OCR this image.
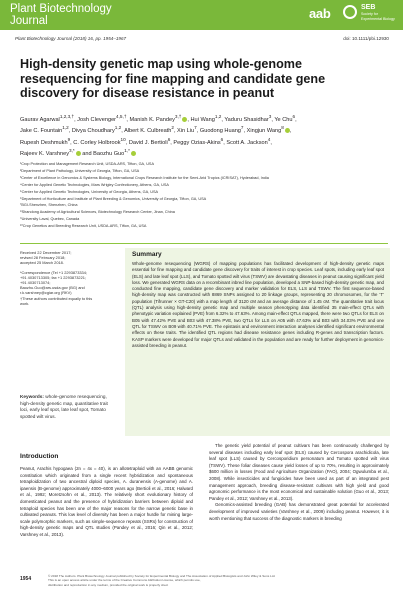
Plant Biotechnology
Journal	aab	SEB
Society for
Experimental Biology
Plant Biotechnology Journal (2018) 16, pp. 1954–1967	doi: 10.1111/pbi.12930
High-density genetic map using whole-genome resequencing for fine mapping and candidate gene discovery for disease resistance in peanut
Gaurav Agarwal$^{1,2,3,\dagger}$, Josh Clevenger$^{4,5,\dagger}$, Manish K. Pandey$^{3,\dagger}$, Hui Wang$^{1,2}$, Yaduru Shasidhar$^3$, Ye Chu$^6$,
Jake C. Fountain$^{1,2}$, Divya Choudhary$^{1,2}$, Albert K. Culbreath$^2$, Xin Liu$^7$, Guodong Huang$^7$, Xingjun Wang$^8$,
Rupesh Deshmukh$^9$, C. Corley Holbrook$^{10}$, David J. Bertioli$^6$, Peggy Ozias-Akins$^6$, Scott A. Jackson$^4$,
Rajeev K. Varshney$^{3,*}$ and Baozhu Guo$^{1,*}$
¹Crop Protection and Management Research Unit, USDA-ARS, Tifton, GA, USA
²Department of Plant Pathology, University of Georgia, Tifton, GA, USA
³Center of Excellence in Genomics & Systems Biology, International Crops Research Institute for the Semi-Arid Tropics (ICRISAT), Hyderabad, India
⁴Center for Applied Genetic Technologies, Mars Wrigley Confectionery, Athens, GA, USA
⁵Center for Applied Genetic Technologies, University of Georgia, Athens, GA, USA
⁶Department of Horticulture and Institute of Plant Breeding & Genomics, University of Georgia, Tifton, GA, USA
⁷BGI-Shenzhen, Shenzhen, China
⁸Shandong Academy of Agricultural Sciences, Biotechnology Research Center, Jinan, China
⁹University Laval, Quebec, Canada
¹⁰Crop Genetics and Breeding Research Unit, USDA-ARS, Tifton, GA, USA
Received 22 December 2017;
revised 28 February 2018;
accepted 25 March 2018.
*Correspondence (Tel +1 2293873334;
+91 4030713305; fax +1 2293873221;
+91 4030713074;
Baozhu.Guo@ars.usda.gov (BG) and
r.k.varshney@cgiar.org (RKV)
†These authors contributed equally to this
work.
Keywords: whole-genome resequencing, high-density genetic map, quantitative trait loci, early leaf spot, late leaf spot, Tomato spotted wilt virus.
Summary

Whole-genome resequencing (WGRS) of mapping populations has facilitated development of high-density genetic maps essential for fine mapping and candidate gene discovery for traits of interest in crop species. Leaf spots, including early leaf spot (ELS) and late leaf spot (LLS), and Tomato spotted wilt virus (TSWV) are devastating diseases in peanut causing significant yield loss. We generated WGRS data on a recombinant inbred line population, developed a SNP-based high-density genetic map, and conducted fine mapping, candidate gene discovery and marker validation for ELS, LLS and TSWV. The first sequence-based high-density map was constructed with 8869 SNPs assigned to 20 linkage groups, representing 20 chromosomes, for the ‘T’ population (Tifrunner × GT-C20) with a map length of 3120 cM and an average distance of 1.45 cM. The quantitative trait locus (QTL) analysis using high-density genetic map and multiple season phenotyping data identified 35 main-effect QTLs with phenotypic variation explained (PVE) from 6.32% to 47.63%. Among main-effect QTLs mapped, there were two QTLs for ELS on B05 with 47.42% PVE and B03 with 47.38% PVE, two QTLs for LLS on A05 with 47.63% and B03 with 34.03% PVE and one QTL for TSWV on B09 with 40.71% PVE. The epistasis and environment interaction analyses identified significant environmental effects on these traits. The identified QTL regions had disease resistance genes including R-genes and transcription factors. KASP markers were developed for major QTLs and validated in the population and are ready for further deployment in genomics-assisted breeding in peanut.

Introduction

Peanut, Arachis hypogaea (2n = 4x = 40), is an allotetraploid with an AABB genomic constitution which originated from a single recent hybridization and spontaneous tetraploidization of two ancestral diploid species, A. duranensis (A-genome) and A. ipaensis (B-genome) approximately 4000–6000 years ago (Bertioli et al., 2016; Halward et al., 1992; Moretzsohn et al., 2013). The relatively short evolutionary history of domesticated peanut and the presence of hybridization barriers between diploid and tetraploid species has been one of the major reasons for the narrow genetic base in cultivated peanuts. This low level of diversity has been a major hurdle for mining large-scale polymorphic markers, such as simple-sequence repeats (SSRs) for construction of high-density genetic maps and QTL studies (Pandey et al., 2016; Qin et al., 2012; Varshney et al., 2013).

The genetic yield potential of peanut cultivars has been continuously challenged by several diseases including early leaf spot (ELS) caused by Cercospora arachidicola, late leaf spot (LLS) caused by Cercosporidium personatum and Tomato spotted wilt virus (TSWV). These foliar diseases cause yield losses of up to 70%, resulting in approximately $600 million in losses (Food and Agriculture Organization (FAO), 2004; Ogwulumba et al., 2008). While insecticides and fungicides have been used as part of an integrated pest management approach, breeding disease-resistant cultivars with high yield and good agronomic performance is the most economical and sustainable solution (Guo et al., 2013; Pandey et al., 2012; Varshney et al., 2013).

Genomics-assisted breeding (GAB) has demonstrated great potential for accelerated development of improved varieties (Varshney et al., 2009) including peanut. However, it is worth mentioning that success of the diagnostic markers in breeding

1954	© 2018 The Authors. Plant Biotechnology Journal published by Society for Experimental Biology and The Association of Applied Biologists and John Wiley & Sons Ltd.
This is an open access article under the terms of the Creative Commons Attribution License, which permits use,
distribution and reproduction in any medium, provided the original work is properly cited.
